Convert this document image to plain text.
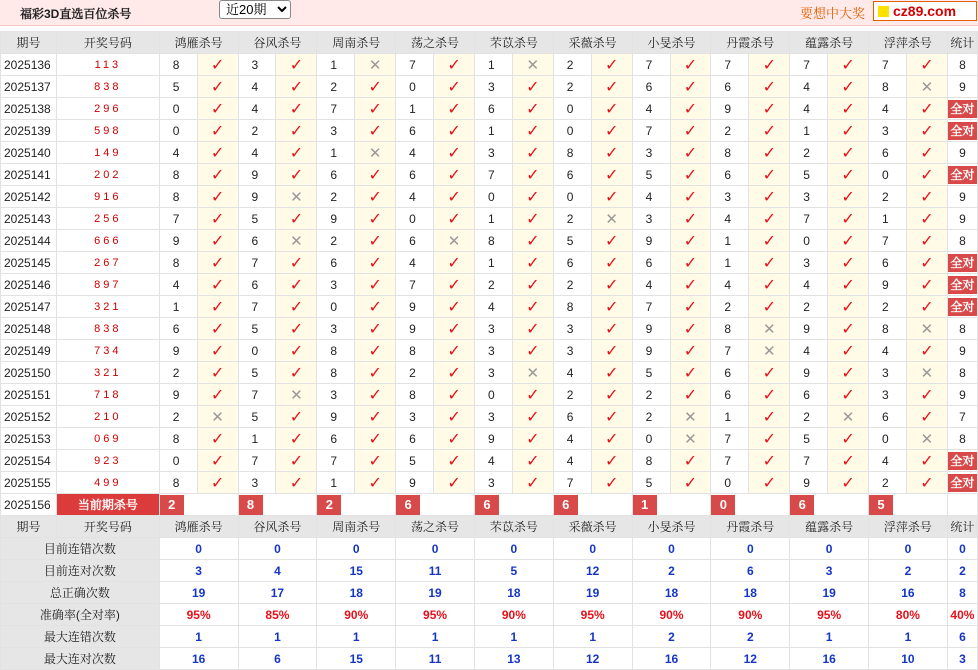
福彩3D直选百位杀号
近20期	要想中大奖 cz89.com
期号	开奖号码	鸿雁杀号		谷风杀号		周南杀号		荡之杀号		芣苡杀号		采薇杀号		小旻杀号		丹霞杀号		蕴露杀号		浮萍杀号		统计
2025136	113	8	✓	3	✓	1	✕	7	✓	1	✕	2	✓	7	✓	7	✓	7	✓	7	✓	8
2025137	838	5	✓	4	✓	2	✓	0	✓	3	✓	2	✓	6	✓	6	✓	4	✓	8	✕	9
2025138	296	0	✓	4	✓	7	✓	1	✓	6	✓	0	✓	4	✓	9	✓	4	✓	4	✓	全对
2025139	598	0	✓	2	✓	3	✓	6	✓	1	✓	0	✓	7	✓	2	✓	1	✓	3	✓	全对
2025140	149	4	✓	4	✓	1	✕	4	✓	3	✓	8	✓	3	✓	8	✓	2	✓	6	✓	9
2025141	202	8	✓	9	✓	6	✓	6	✓	7	✓	6	✓	5	✓	6	✓	5	✓	0	✓	全对
2025142	916	8	✓	9	✕	2	✓	4	✓	0	✓	0	✓	4	✓	3	✓	3	✓	2	✓	9
2025143	256	7	✓	5	✓	9	✓	0	✓	1	✓	2	✕	3	✓	4	✓	7	✓	1	✓	9
2025144	666	9	✓	6	✕	2	✓	6	✕	8	✓	5	✓	9	✓	1	✓	0	✓	7	✓	8
2025145	267	8	✓	7	✓	6	✓	4	✓	1	✓	6	✓	6	✓	1	✓	3	✓	6	✓	全对
2025146	897	4	✓	6	✓	3	✓	7	✓	2	✓	2	✓	4	✓	4	✓	4	✓	9	✓	全对
2025147	321	1	✓	7	✓	0	✓	9	✓	4	✓	8	✓	7	✓	2	✓	2	✓	2	✓	全对
2025148	838	6	✓	5	✓	3	✓	9	✓	3	✓	3	✓	9	✓	8	✕	9	✓	8	✕	8
2025149	734	9	✓	0	✓	8	✓	8	✓	3	✓	3	✓	9	✓	7	✕	4	✓	4	✓	9
2025150	321	2	✓	5	✓	8	✓	2	✓	3	✕	4	✓	5	✓	6	✓	9	✓	3	✕	8
2025151	718	9	✓	7	✕	3	✓	8	✓	0	✓	2	✓	2	✓	6	✓	6	✓	3	✓	9
2025152	210	2	✕	5	✓	9	✓	3	✓	3	✓	6	✓	2	✕	1	✓	2	✕	6	✓	7
2025153	069	8	✓	1	✓	6	✓	6	✓	9	✓	4	✓	0	✕	7	✓	5	✓	0	✕	8
2025154	923	0	✓	7	✓	7	✓	5	✓	4	✓	4	✓	8	✓	7	✓	7	✓	4	✓	全对
2025155	499	8	✓	3	✓	1	✓	9	✓	3	✓	7	✓	5	✓	0	✓	9	✓	2	✓	全对
2025156	当前期杀号	2		8		2		6		6		6		1		0		6		5		
期号	开奖号码	鸿雁杀号		谷风杀号		周南杀号		荡之杀号		芣苡杀号		采薇杀号		小旻杀号		丹霞杀号		蕴露杀号		浮萍杀号		统计
目前连错次数		0		0		0		0		0		0		0		0		0		0		0
目前连对次数		3		4		15		11		5		12		2		6		3		2		2
总正确次数		19		17		18		19		18		19		18		18		19		16		8
准确率(全对率)		95%		85%		90%		95%		90%		95%		90%		90%		95%		80%		40%
最大连错次数		1		1		1		1		1		1		2		2		1		1		6
最大连对次数		16		6		15		11		13		12		16		12		16		10		3
